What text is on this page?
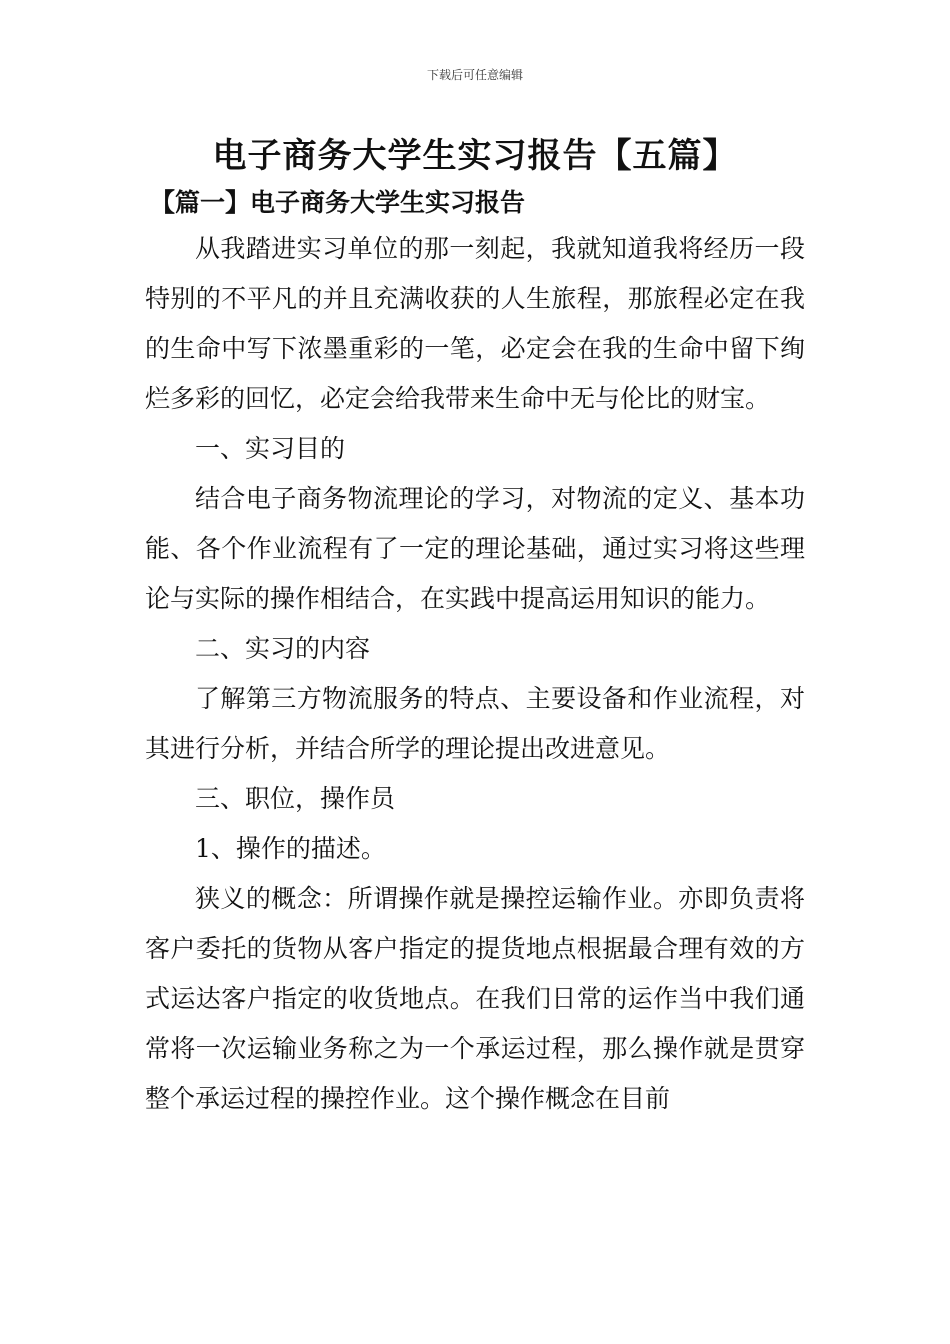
下载后可任意编辑
电子商务大学生实习报告【五篇】
【篇一】电子商务大学生实习报告

从我踏进实习单位的那一刻起，我就知道我将经历一段特别的不平凡的并且充满收获的人生旅程，那旅程必定在我的生命中写下浓墨重彩的一笔，必定会在我的生命中留下绚烂多彩的回忆，必定会给我带来生命中无与伦比的财宝。

一、实习目的

结合电子商务物流理论的学习，对物流的定义、基本功能、各个作业流程有了一定的理论基础，通过实习将这些理论与实际的操作相结合，在实践中提高运用知识的能力。

二、实习的内容

了解第三方物流服务的特点、主要设备和作业流程，对其进行分析，并结合所学的理论提出改进意见。

三、职位，操作员

1、操作的描述。

狭义的概念：所谓操作就是操控运输作业。亦即负责将客户委托的货物从客户指定的提货地点根据最合理有效的方式运达客户指定的收货地点。在我们日常的运作当中我们通常将一次运输业务称之为一个承运过程，那么操作就是贯穿整个承运过程的操控作业。这个操作概念在目前
